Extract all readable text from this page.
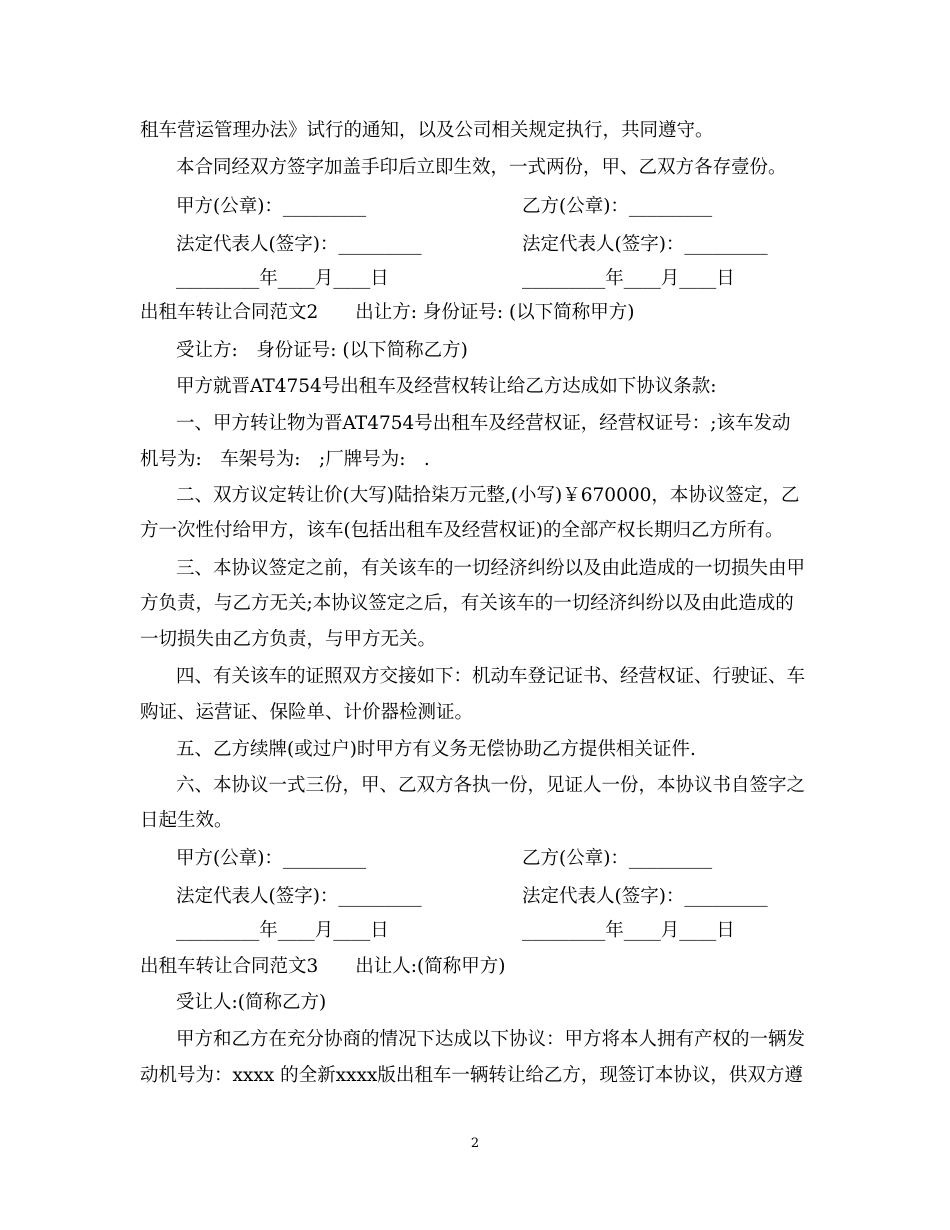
租车营运管理办法》试行的通知，以及公司相关规定执行，共同遵守。
本合同经双方签字加盖手印后立即生效，一式两份，甲、乙双方各存壹份。
甲方(公章)：_________	乙方(公章)：_________
法定代表人(签字)：_________	法定代表人(签字)：_________
_________年____月____日	_________年____月____日
出租车转让合同范文2　　出让方: 身份证号: (以下简称甲方)
受让方:　身份证号: (以下简称乙方)
甲方就晋AT4754号出租车及经营权转让给乙方达成如下协议条款:
一、甲方转让物为晋AT4754号出租车及经营权证，经营权证号：;该车发动
机号为:　车架号为:　;厂牌号为:　.
二、双方议定转让价(大写)陆拾柒万元整,(小写)￥670000，本协议签定，乙
方一次性付给甲方，该车(包括出租车及经营权证)的全部产权长期归乙方所有。
三、本协议签定之前，有关该车的一切经济纠纷以及由此造成的一切损失由甲
方负责，与乙方无关;本协议签定之后，有关该车的一切经济纠纷以及由此造成的
一切损失由乙方负责，与甲方无关。
四、有关该车的证照双方交接如下：机动车登记证书、经营权证、行驶证、车
购证、运营证、保险单、计价器检测证。
五、乙方续牌(或过户)时甲方有义务无偿协助乙方提供相关证件.
六、本协议一式三份，甲、乙双方各执一份，见证人一份，本协议书自签字之
日起生效。
甲方(公章)：_________	乙方(公章)：_________
法定代表人(签字)：_________	法定代表人(签字)：_________
_________年____月____日	_________年____月____日
出租车转让合同范文3　　出让人:(简称甲方)
受让人:(简称乙方)
甲方和乙方在充分协商的情况下达成以下协议：甲方将本人拥有产权的一辆发
动机号为：xxxx 的全新xxxx版出租车一辆转让给乙方，现签订本协议，供双方遵
2
